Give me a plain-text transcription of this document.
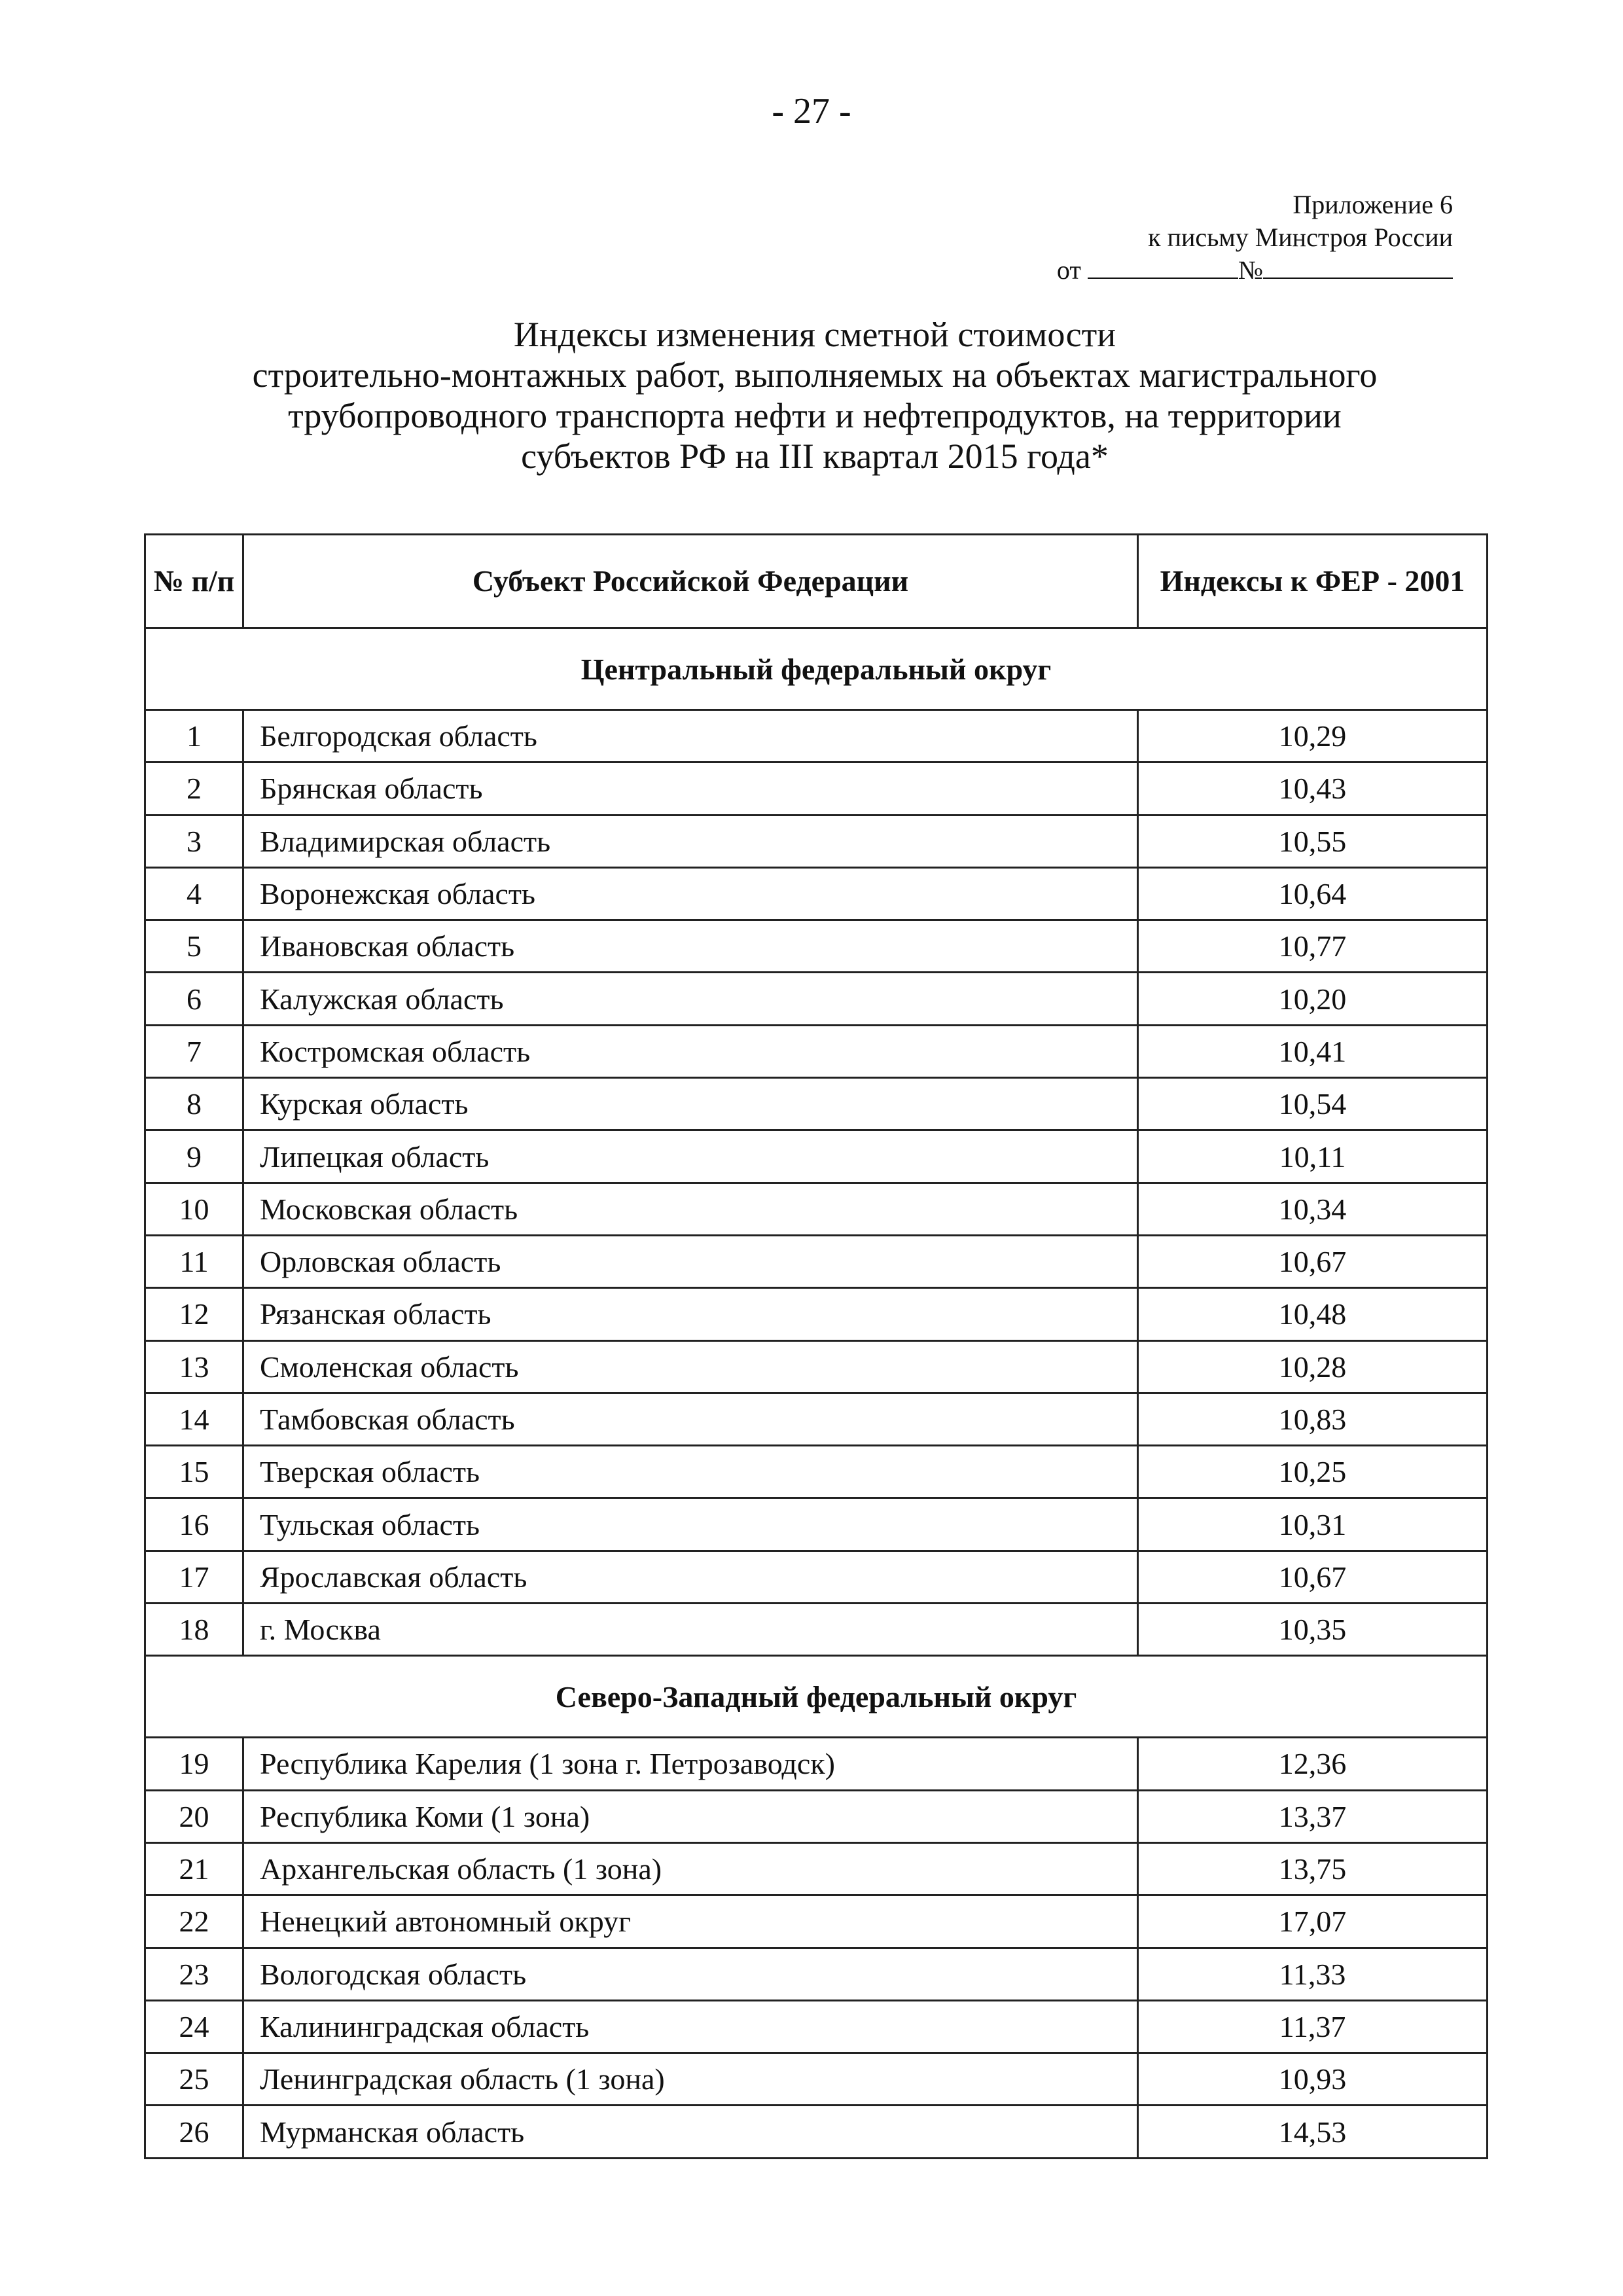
- 27 -
Приложение 6
к письму Минстроя России
от	№
Индексы изменения сметной стоимости
строительно-монтажных работ, выполняемых на объектах магистрального
трубопроводного транспорта нефти и нефтепродуктов, на территории
субъектов РФ на III квартал 2015 года*
№ п/п	Субъект Российской Федерации	Индексы к ФЕР - 2001
Центральный федеральный округ		
1	Белгородская область	10,29
2	Брянская область	10,43
3	Владимирская область	10,55
4	Воронежская область	10,64
5	Ивановская область	10,77
6	Калужская область	10,20
7	Костромская область	10,41
8	Курская область	10,54
9	Липецкая область	10,11
10	Московская область	10,34
11	Орловская область	10,67
12	Рязанская область	10,48
13	Смоленская область	10,28
14	Тамбовская область	10,83
15	Тверская область	10,25
16	Тульская область	10,31
17	Ярославская область	10,67
18	г. Москва	10,35
Северо-Западный федеральный округ		
19	Республика Карелия (1 зона г. Петрозаводск)	12,36
20	Республика Коми (1 зона)	13,37
21	Архангельская область (1 зона)	13,75
22	Ненецкий автономный округ	17,07
23	Вологодская область	11,33
24	Калининградская область	11,37
25	Ленинградская область (1 зона)	10,93
26	Мурманская область	14,53
